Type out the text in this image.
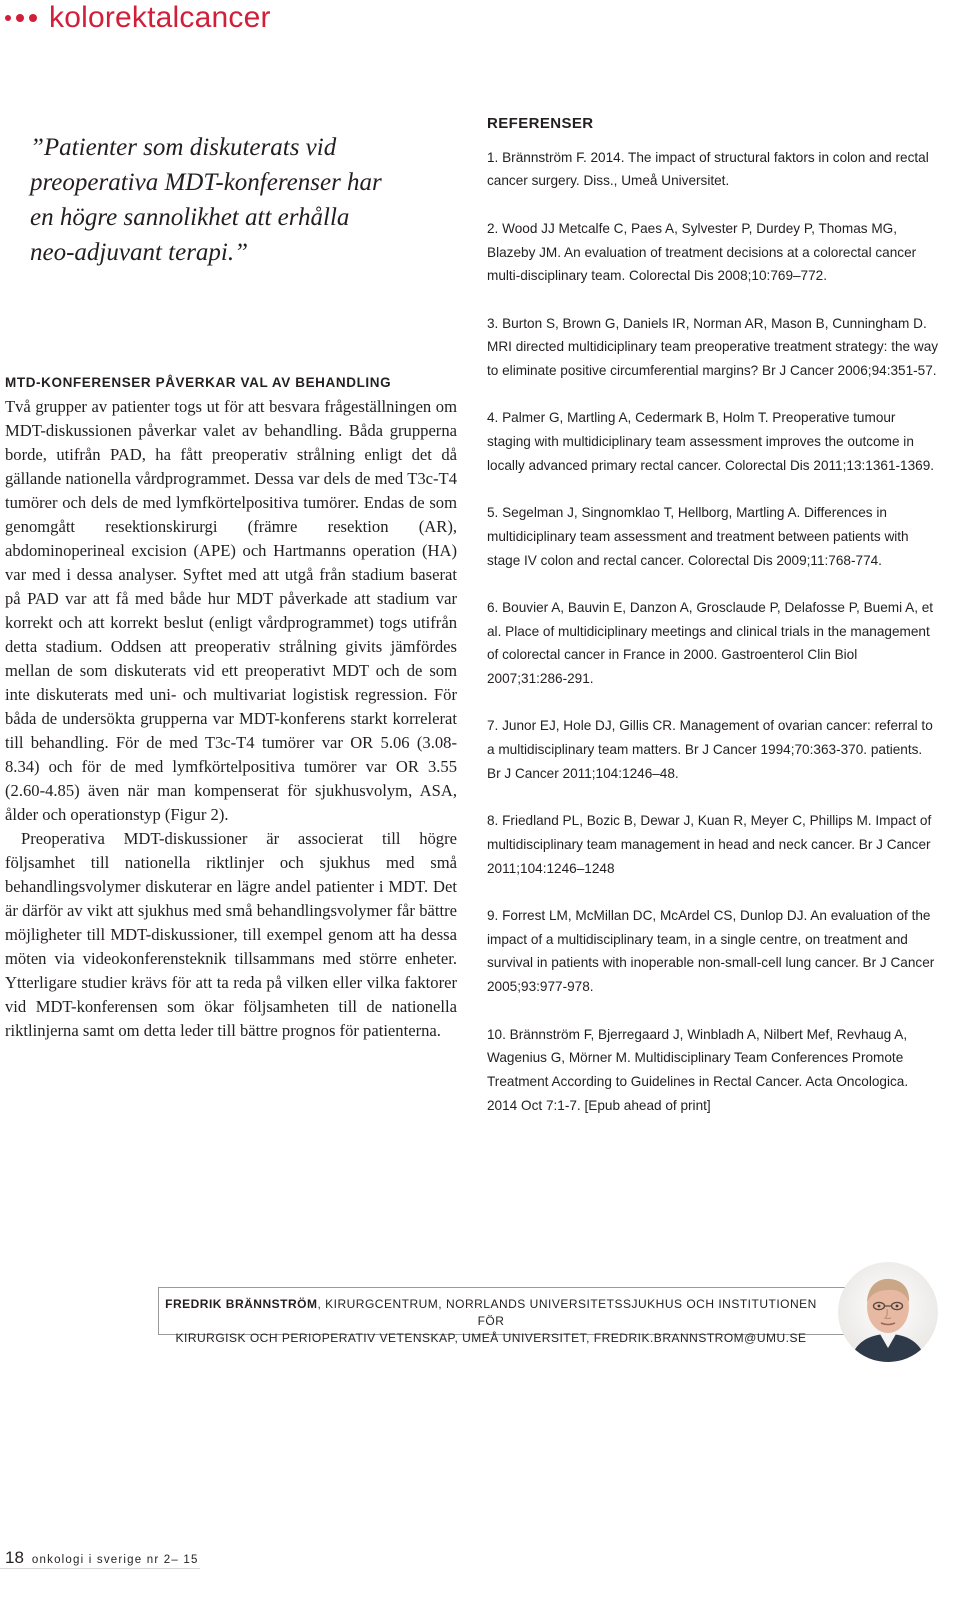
kolorektalcancer

”Patienter som diskuterats vid

preoperativa MDT-konferenser har

en högre sannolikhet att erhålla

neo-adjuvant terapi.”

MTD-KONFERENSER PÅVERKAR VAL AV BEHANDLING

Två grupper av patienter togs ut för att besvara frågeställningen om MDT-diskussionen påverkar valet av behandling. Båda grupperna borde, utifrån PAD, ha fått preoperativ strålning enligt det då gällande nationella vårdprogrammet. Dessa var dels de med T3c-T4 tumörer och dels de med lymfkörtelpositiva tumörer. Endas de som genomgått resektionskirurgi (främre resektion (AR), abdominoperineal excision (APE) och Hartmanns operation (HA) var med i dessa analyser. Syftet med att utgå från stadium baserat på PAD var att få med både hur MDT påverkade att stadium var korrekt och att korrekt beslut (enligt vårdprogrammet) togs utifrån detta stadium. Oddsen att preoperativ strålning givits jämfördes mellan de som diskuterats vid ett preoperativt MDT och de som inte diskuterats med uni- och multivariat logistisk regression. För båda de undersökta grupperna var MDT-konferens starkt korrelerat till behandling. För de med T3c-T4 tumörer var OR 5.06 (3.08-8.34) och för de med lymfkörtelpositiva tumörer var OR 3.55 (2.60-4.85) även när man kompenserat för sjukhusvolym, ASA, ålder och operationstyp (Figur 2).

Preoperativa MDT-diskussioner är associerat till högre följsamhet till nationella riktlinjer och sjukhus med små behandlingsvolymer diskuterar en lägre andel patienter i MDT. Det är därför av vikt att sjukhus med små behandlingsvolymer får bättre möjligheter till MDT-diskussioner, till exempel genom att ha dessa möten via videokonferensteknik tillsammans med större enheter. Ytterligare studier krävs för att ta reda på vilken eller vilka faktorer vid MDT-konferensen som ökar följsamheten till de nationella riktlinjerna samt om detta leder till bättre prognos för patienterna.

REFERENSER

1. Brännström F. 2014. The impact of structural faktors in colon and rectal cancer surgery. Diss., Umeå Universitet.

2. Wood JJ Metcalfe C, Paes A, Sylvester P, Durdey P, Thomas MG, Blazeby JM. An evaluation of treatment decisions at a colorectal cancer multi-disciplinary team. Colorectal Dis 2008;10:769–772.

3. Burton S, Brown G, Daniels IR, Norman AR, Mason B, Cunningham D. MRI directed multidiciplinary team preoperative treatment strategy: the way to eliminate positive circumferential margins? Br J Cancer 2006;94:351-57.

4. Palmer G, Martling A, Cedermark B, Holm T. Preoperative tumour staging with multidiciplinary team assessment improves the outcome in locally advanced primary rectal cancer. Colorectal Dis 2011;13:1361-1369.

5. Segelman J, Singnomklao T, Hellborg, Martling A. Differences in multidiciplinary team assessment and treatment between patients with stage IV colon and rectal cancer. Colorectal Dis 2009;11:768-774.

6. Bouvier A, Bauvin E, Danzon A, Grosclaude P, Delafosse P, Buemi A, et al. Place of multidiciplinary meetings and clinical trials in the management of colorectal cancer in France in 2000. Gastroenterol Clin Biol 2007;31:286-291.

7. Junor EJ, Hole DJ, Gillis CR. Management of ovarian cancer: referral to a multidisciplinary team matters. Br J Cancer 1994;70:363-370. patients. Br J Cancer 2011;104:1246–48.

8. Friedland PL, Bozic B, Dewar J, Kuan R, Meyer C, Phillips M. Impact of multidisciplinary team management in head and neck cancer. Br J Cancer 2011;104:1246–1248

9. Forrest LM, McMillan DC, McArdel CS, Dunlop DJ. An evaluation of the impact of a multidisciplinary team, in a single centre, on treatment and survival in patients with inoperable non-small-cell lung cancer. Br J Cancer 2005;93:977-978.

10. Brännström F, Bjerregaard J, Winbladh A, Nilbert Mef, Revhaug A, Wagenius G, Mörner M. Multidisciplinary Team Conferences Promote Treatment According to Guidelines in Rectal Cancer. Acta Oncologica. 2014 Oct 7:1-7. [Epub ahead of print]

FREDRIK BRÄNNSTRÖM, KIRURGCENTRUM, NORRLANDS UNIVERSITETSSJUKHUS OCH INSTITUTIONEN FÖR
KIRURGISK OCH PERIOPERATIV VETENSKAP, UMEÅ UNIVERSITET, FREDRIK.BRANNSTROM@UMU.SE
18 onkologi i sverige nr 2– 15
